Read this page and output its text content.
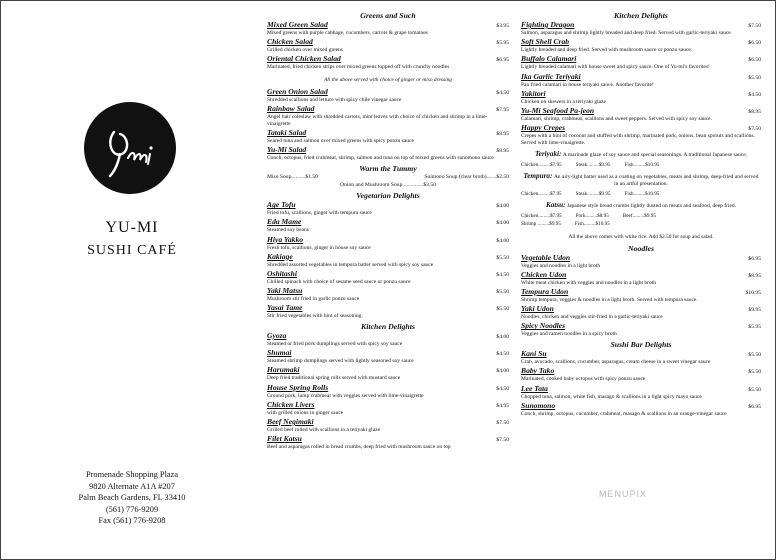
YU-MI
SUSHI CAFÉ
Promenade Shopping Plaza
9820 Alternate A1A #207
Palm Beach Gardens, FL 33410
(561) 776-9209
Fax (561) 776-9208
Greens and Such
Mixed Green Salad	$3.95
Mixed greens with purple cabbage, cucumbers, carrots & grape tomatoes
Chicken Salad	$5.95
Grilled chicken over mixed greens
Oriental Chicken Salad	$6.95
Marinated, fried chicken strips over mixed greens topped off with crunchy noodles
All the above served with choice of ginger or miso dressing
Green Onion Salad	$4.50
Shredded scallions and lettuce with spicy chile vinegar sauce
Rainbow Salad	$7.95
Angel hair coleslaw with shredded carrots, mint leaves with choice of chicken and shrimp in a lime-vinaigrette
Tataki Salad	$8.95
Seared tuna and salmon over mixed greens with spicy ponzu sauce
Yu-Mi Salad	$8.95
Conch, octopus, fried crabmeat, shrimp, salmon and tuna on top of mixed greens with sunomono sauce
Warm the Tummy
Miso Soup..........$1.50	Suimono Soup (clear broth).......$2.50
Onion and Mushroom Soup...............$3.50
Vegetarian Delights
Age Tofu	$4.00
Fried tofu, scallions, ginger with tempura sauce
Eda Mame	$4.00
Steamed soy beans
Hiya Yakko	$4.00
Fresh tofu, scallions, ginger in house soy sauce
Kakiage	$5.50
Shredded assorted vegetables in tempura batter served with spicy soy sauce
Oshitashi	$4.50
Chilled spinach with choice of sesame seed sauce or ponzu sauce
Yaki Matsu	$5.50
Mushroom stir fried in garlic ponzu sauce
Yasai Tame	$5.50
Stir fried vegetables with hint of seasoning.
Kitchen Delights
Gyoza	$4.00
Steamed or fried pork dumplings served with spicy soy sauce
Shumai	$4.50
Steamed shrimp dumplings served with lightly seasoned soy sauce
Harumaki	$4.00
Deep fried traditional spring rolls served with mustard sauce
House Spring Rolls	$4.50
Ground pork, lump crabmeat with veggies served with lime-vinaigrette
Chicken Livers	$4.95
with grilled onions in ginger sauce
Beef Negimaki	$7.50
Grilled beef rolled with scallions in a teriyaki glaze
Filet Katsu	$7.50
Beef and asparagus rolled in bread crumbs, deep fried with mushroom sauce on top
Kitchen Delights
Fighting Dragon	$7.50
Salmon, asparagus and shrimp lightly breaded and deep fried. Served with garlic-teriyaki sauce
Soft Shell Crab	$6.50
Lightly breaded and deep fried. Served with mushroom sauce or ponzu sauce.
Buffalo Calamari	$6.50
Lightly breaded calamari with house sweet and spicy sauce. One of Yu-mi's favorites!
Ika Garlic Teriyaki	$5.50
Pan fried calamari in house teriyaki sauce. Another favorite!
Yakitori	$4.50
Chicken on skewers in a teriyaki glaze
Yu-Mi Seafood Pa-jeon	$8.95
Calamari, shrimp, crabmeat, scallions and sweet peppers. Served with spicy soy sauce.
Happy Crepes	$7.50
Crepes with a hint of coconut and stuffed with shrimp, marinated pork, onions, bean sprouts and scallions. Served with lime-vinaigrette.
Teriyaki: A marinade glaze of soy sauce and special seasonings. A traditional Japanese sauce.
Chicken.........$7.95	Steak.........$9.95	Fish.........$10.95
Tempura: An airy-light batter used as a coating on vegetables, meats and shrimp, deep-fried and served in an artful presentation.
Chicken.........$7.95	Steak.........$9.95	Fish.........$10.95
Katsu: Japanese style bread crumbs lightly dusted on meats and seafood, deep fried.
Chicken.........$7.95	Pork.........$8.95	Beef.........$9.95
Shrimp .........$9.95	Fish.........$10.95
All the above comes with white rice. Add $2.50 for soup and salad.
Noodles
Vegetable Udon	$6.95
Veggies and noodles in a light broth
Chicken Udon	$8.95
White meat chicken with veggies and noodles in a light broth
Tempura Udon	$10.95
Shrimp tempura, veggies & noodles in a light broth. Served with tempura sauce.
Yaki Udon	$9.95
Noodles, chicken and veggies stir-fried in a garlic-teriyaki sauce
Spicy Noodles	$5.95
Veggies and ramen noodles in a spicy broth
Sushi Bar Delights
Kani Su	$5.50
Crab, avocado, scallions, cucumber, asparagus, cream cheese in a sweet vinegar sauce
Baby Tako	$5.50
Marinated, cooked baby octopus with spicy ponzu sauce
Lee Tata	$5.50
Chopped tuna, salmon, white fish, masago & scallions in a light spicy mayo sauce
Sunomono	$6.95
Conch, shrimp, octopus, cucumber, crabmeat, masago & scallions in an orange-vinegar sauce
MENUPIX
